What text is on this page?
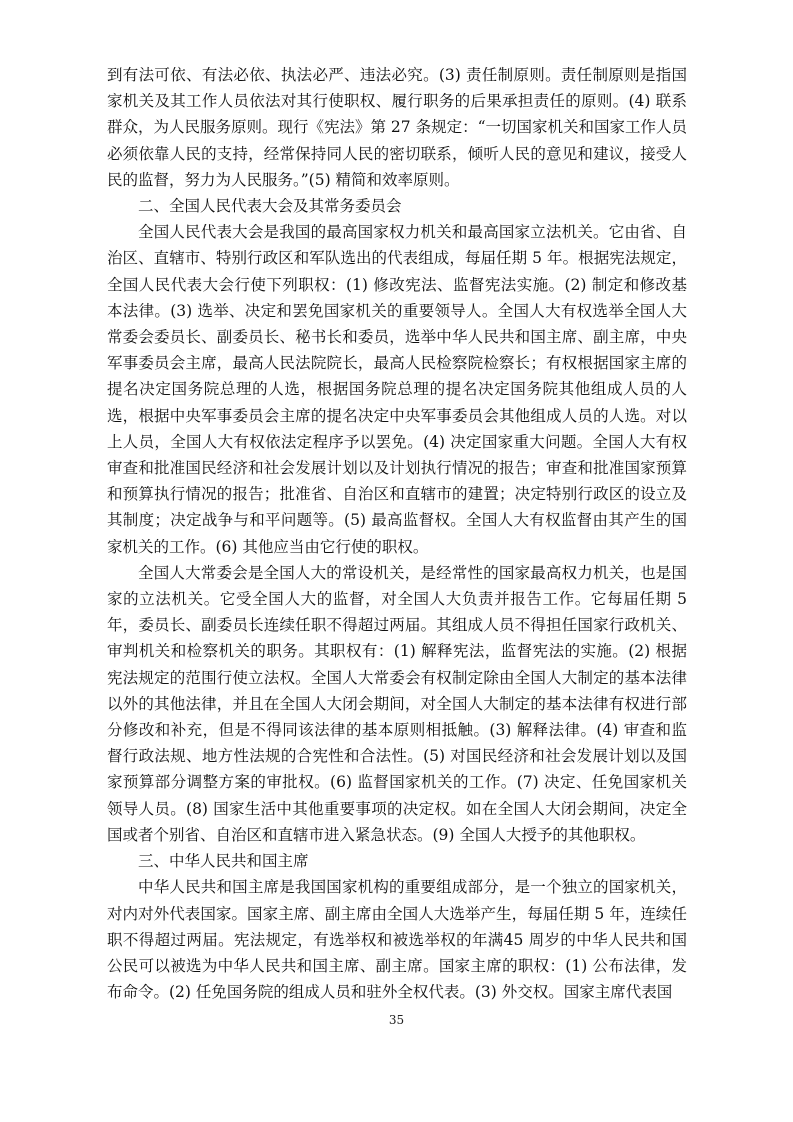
到有法可依、有法必依、执法必严、违法必究。(3) 责任制原则。责任制原则是指国家机关及其工作人员依法对其行使职权、履行职务的后果承担责任的原则。(4) 联系群众，为人民服务原则。现行《宪法》第 27 条规定：“一切国家机关和国家工作人员必须依靠人民的支持，经常保持同人民的密切联系，倾听人民的意见和建议，接受人民的监督，努力为人民服务。”(5) 精简和效率原则。

二、全国人民代表大会及其常务委员会

全国人民代表大会是我国的最高国家权力机关和最高国家立法机关。它由省、自治区、直辖市、特别行政区和军队选出的代表组成，每届任期 5 年。根据宪法规定，全国人民代表大会行使下列职权：(1) 修改宪法、监督宪法实施。(2) 制定和修改基本法律。(3) 选举、决定和罢免国家机关的重要领导人。全国人大有权选举全国人大常委会委员长、副委员长、秘书长和委员，选举中华人民共和国主席、副主席，中央军事委员会主席，最高人民法院院长，最高人民检察院检察长；有权根据国家主席的提名决定国务院总理的人选，根据国务院总理的提名决定国务院其他组成人员的人选，根据中央军事委员会主席的提名决定中央军事委员会其他组成人员的人选。对以上人员，全国人大有权依法定程序予以罢免。(4) 决定国家重大问题。全国人大有权审查和批准国民经济和社会发展计划以及计划执行情况的报告；审查和批准国家预算和预算执行情况的报告；批准省、自治区和直辖市的建置；决定特别行政区的设立及其制度；决定战争与和平问题等。(5) 最高监督权。全国人大有权监督由其产生的国家机关的工作。(6) 其他应当由它行使的职权。

全国人大常委会是全国人大的常设机关，是经常性的国家最高权力机关，也是国家的立法机关。它受全国人大的监督，对全国人大负责并报告工作。它每届任期 5 年，委员长、副委员长连续任职不得超过两届。其组成人员不得担任国家行政机关、审判机关和检察机关的职务。其职权有：(1) 解释宪法，监督宪法的实施。(2) 根据宪法规定的范围行使立法权。全国人大常委会有权制定除由全国人大制定的基本法律以外的其他法律，并且在全国人大闭会期间，对全国人大制定的基本法律有权进行部分修改和补充，但是不得同该法律的基本原则相抵触。(3) 解释法律。(4) 审查和监督行政法规、地方性法规的合宪性和合法性。(5) 对国民经济和社会发展计划以及国家预算部分调整方案的审批权。(6) 监督国家机关的工作。(7) 决定、任免国家机关领导人员。(8) 国家生活中其他重要事项的决定权。如在全国人大闭会期间，决定全国或者个别省、自治区和直辖市进入紧急状态。(9) 全国人大授予的其他职权。

三、中华人民共和国主席

中华人民共和国主席是我国国家机构的重要组成部分，是一个独立的国家机关，对内对外代表国家。国家主席、副主席由全国人大选举产生，每届任期 5 年，连续任职不得超过两届。宪法规定，有选举权和被选举权的年满45 周岁的中华人民共和国公民可以被选为中华人民共和国主席、副主席。国家主席的职权：(1) 公布法律，发布命令。(2) 任免国务院的组成人员和驻外全权代表。(3) 外交权。国家主席代表国

35
